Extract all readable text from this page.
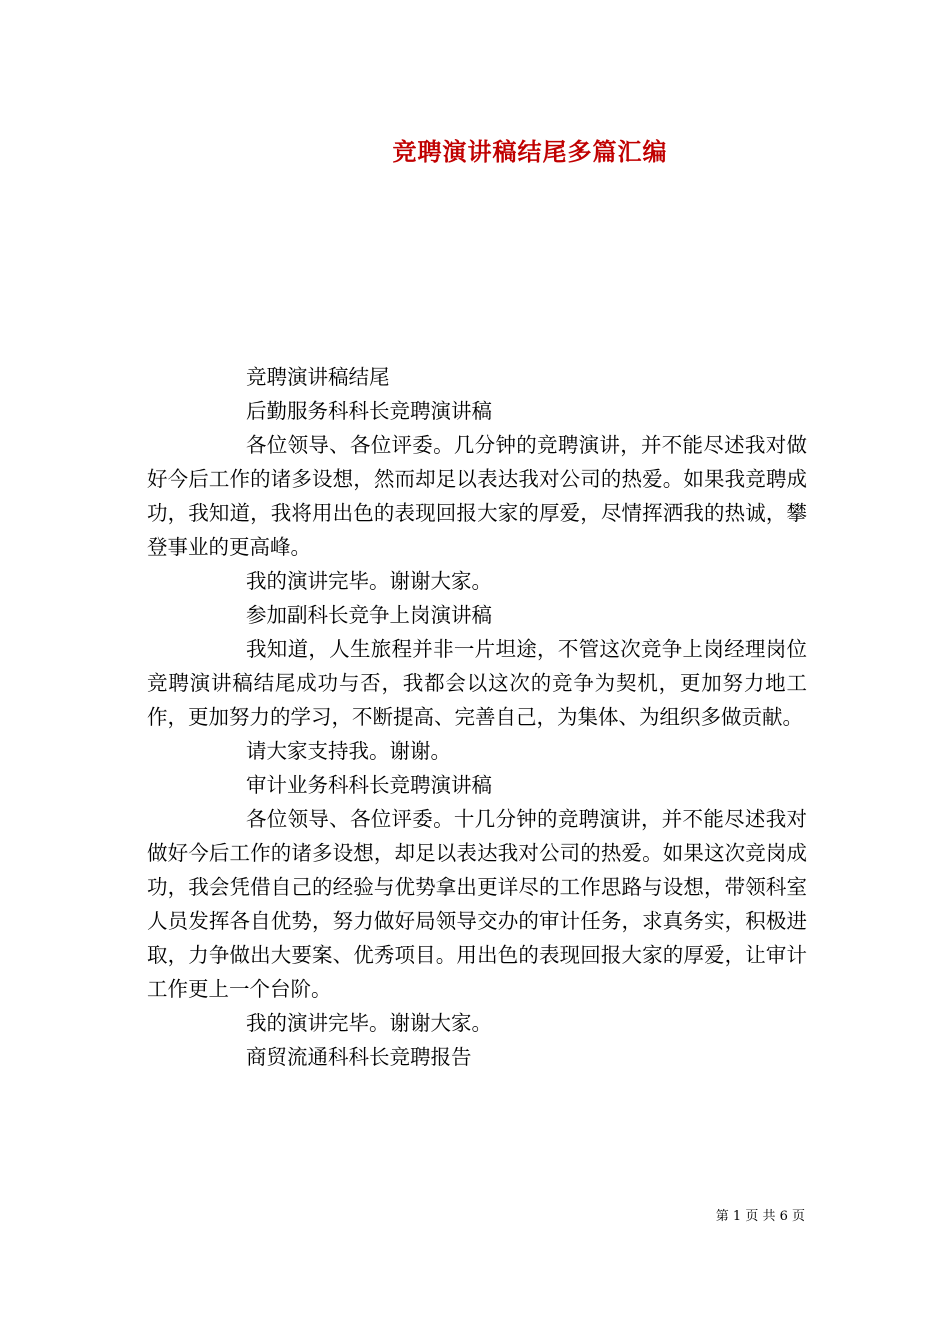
竞聘演讲稿结尾多篇汇编

竞聘演讲稿结尾

后勤服务科科长竞聘演讲稿

各位领导、各位评委。几分钟的竞聘演讲，并不能尽述我对做好今后工作的诸多设想，然而却足以表达我对公司的热爱。如果我竞聘成功，我知道，我将用出色的表现回报大家的厚爱，尽情挥洒我的热诚，攀登事业的更高峰。

我的演讲完毕。谢谢大家。

参加副科长竞争上岗演讲稿

我知道，人生旅程并非一片坦途，不管这次竞争上岗经理岗位竞聘演讲稿结尾成功与否，我都会以这次的竞争为契机，更加努力地工作，更加努力的学习，不断提高、完善自己，为集体、为组织多做贡献。

请大家支持我。谢谢。

审计业务科科长竞聘演讲稿

各位领导、各位评委。十几分钟的竞聘演讲，并不能尽述我对做好今后工作的诸多设想，却足以表达我对公司的热爱。如果这次竞岗成功，我会凭借自己的经验与优势拿出更详尽的工作思路与设想，带领科室人员发挥各自优势，努力做好局领导交办的审计任务，求真务实，积极进取，力争做出大要案、优秀项目。用出色的表现回报大家的厚爱，让审计工作更上一个台阶。

我的演讲完毕。谢谢大家。

商贸流通科科长竞聘报告

第 1 页 共 6 页
